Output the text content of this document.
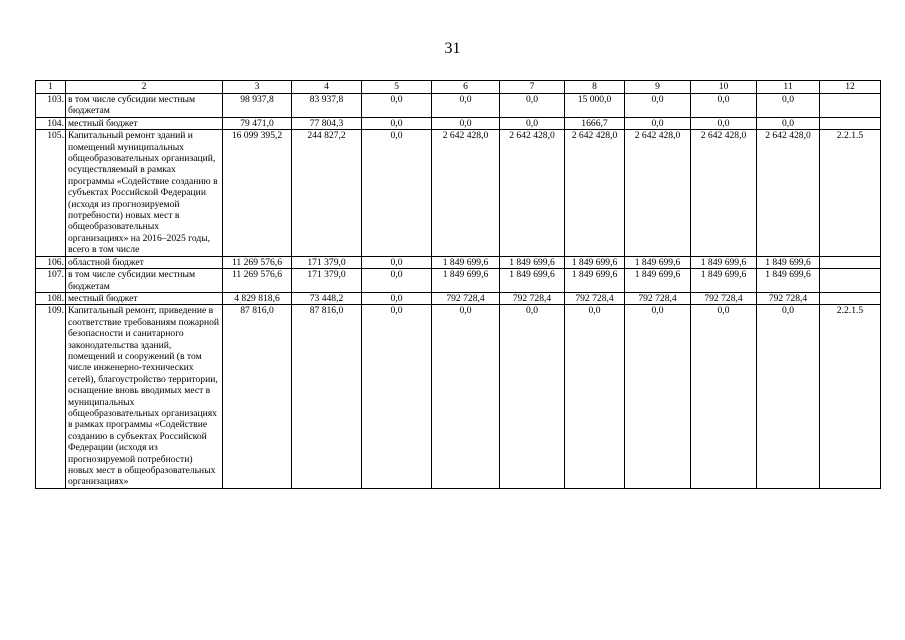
31
1	2	3	4	5	6	7	8	9	10	11	12
103.	в том числе субсидии местным бюджетам	98 937,8	83 937,8	0,0	0,0	0,0	15 000,0	0,0	0,0	0,0	
104.	местный бюджет	79 471,0	77 804,3	0,0	0,0	0,0	1666,7	0,0	0,0	0,0	
105.	Капитальный ремонт зданий и помещений муниципальных общеобразовательных организаций, осуществляемый в рамках программы «Содействие созданию в субъектах Российской Федерации (исходя из прогнозируемой потребности) новых мест в общеобразовательных организациях» на 2016–2025 годы, всего в том числе	16 099 395,2	244 827,2	0,0	2 642 428,0	2 642 428,0	2 642 428,0	2 642 428,0	2 642 428,0	2 642 428,0	2.2.1.5
106.	областной бюджет	11 269 576,6	171 379,0	0,0	1 849 699,6	1 849 699,6	1 849 699,6	1 849 699,6	1 849 699,6	1 849 699,6	
107.	в том числе субсидии местным бюджетам	11 269 576,6	171 379,0	0,0	1 849 699,6	1 849 699,6	1 849 699,6	1 849 699,6	1 849 699,6	1 849 699,6	
108.	местный бюджет	4 829 818,6	73 448,2	0,0	792 728,4	792 728,4	792 728,4	792 728,4	792 728,4	792 728,4	
109.	Капитальный ремонт, приведение в соответствие требованиям пожарной безопасности и санитарного законодательства зданий, помещений и сооружений (в том числе инженерно-технических сетей), благоустройство территории, оснащение вновь вводимых мест в муниципальных общеобразовательных организациях в рамках программы «Содействие созданию в субъектах Российской Федерации (исходя из прогнозируемой потребности) новых мест в общеобразовательных организациях»	87 816,0	87 816,0	0,0	0,0	0,0	0,0	0,0	0,0	0,0	2.2.1.5
